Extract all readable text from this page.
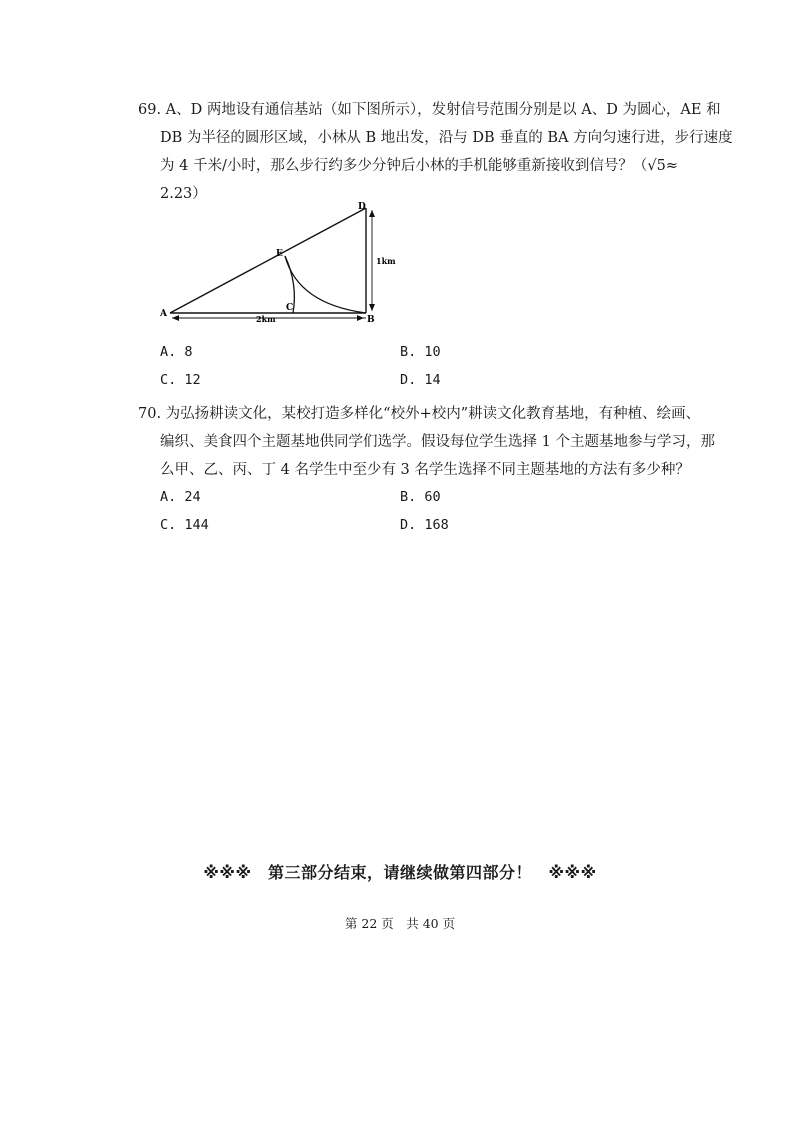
69. A、D 两地设有通信基站（如下图所示），发射信号范围分别是以 A、D 为圆心，AE 和
DB 为半径的圆形区域，小林从 B 地出发，沿与 DB 垂直的 BA 方向匀速行进，步行速度
为 4 千米/小时，那么步行约多少分钟后小林的手机能够重新接收到信号？（√5≈
2.23）
A
D
E
C
B
2km
1km
A. 8	B. 10
C. 12	D. 14
70. 为弘扬耕读文化，某校打造多样化“校外+校内”耕读文化教育基地，有种植、绘画、
编织、美食四个主题基地供同学们选学。假设每位学生选择 1 个主题基地参与学习，那
么甲、乙、丙、丁 4 名学生中至少有 3 名学生选择不同主题基地的方法有多少种？
A. 24	B. 60
C. 144	D. 168
※※※　第三部分结束，请继续做第四部分！　※※※
第 22 页　共 40 页
